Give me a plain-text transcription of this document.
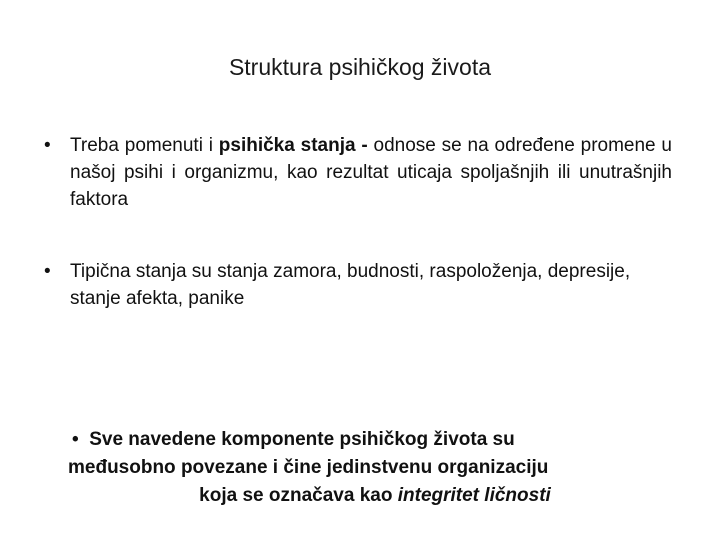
Struktura psihičkog života
•	Treba pomenuti i psihička stanja - odnose se na određene promene u našoj psihi i organizmu, kao rezultat uticaja spoljašnjih ili unutrašnjih faktora
•	Tipična stanja su stanja zamora, budnosti, raspoloženja, depresije, stanje afekta, panike
• Sve navedene komponente psihičkog života su
međusobno povezane i čine jedinstvenu organizaciju
koja se označava kao integritet ličnosti
